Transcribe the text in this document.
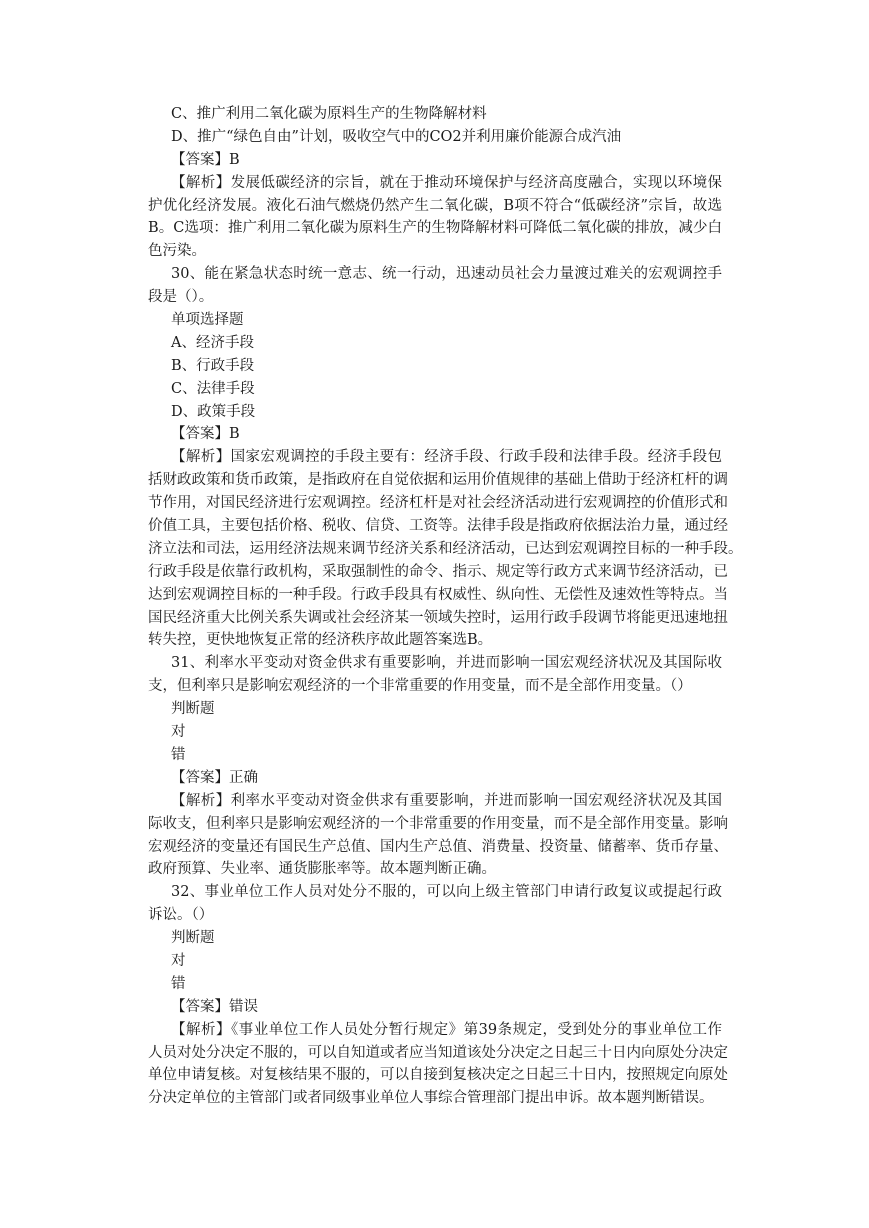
C、推广利用二氧化碳为原料生产的生物降解材料
D、推广“绿色自由”计划，吸收空气中的CO2并利用廉价能源合成汽油
【答案】B
【解析】发展低碳经济的宗旨，就在于推动环境保护与经济高度融合，实现以环境保
护优化经济发展。液化石油气燃烧仍然产生二氧化碳，B项不符合“低碳经济”宗旨，故选
B。C选项：推广利用二氧化碳为原料生产的生物降解材料可降低二氧化碳的排放，减少白
色污染。
30、能在紧急状态时统一意志、统一行动，迅速动员社会力量渡过难关的宏观调控手
段是（）。
单项选择题
A、经济手段
B、行政手段
C、法律手段
D、政策手段
【答案】B
【解析】国家宏观调控的手段主要有：经济手段、行政手段和法律手段。经济手段包
括财政政策和货币政策，是指政府在自觉依据和运用价值规律的基础上借助于经济杠杆的调
节作用，对国民经济进行宏观调控。经济杠杆是对社会经济活动进行宏观调控的价值形式和
价值工具，主要包括价格、税收、信贷、工资等。法律手段是指政府依据法治力量，通过经
济立法和司法，运用经济法规来调节经济关系和经济活动，已达到宏观调控目标的一种手段。
行政手段是依靠行政机构，采取强制性的命令、指示、规定等行政方式来调节经济活动，已
达到宏观调控目标的一种手段。行政手段具有权威性、纵向性、无偿性及速效性等特点。当
国民经济重大比例关系失调或社会经济某一领域失控时，运用行政手段调节将能更迅速地扭
转失控，更快地恢复正常的经济秩序故此题答案选B。
31、利率水平变动对资金供求有重要影响，并进而影响一国宏观经济状况及其国际收
支，但利率只是影响宏观经济的一个非常重要的作用变量，而不是全部作用变量。（）
判断题
对
错
【答案】正确
【解析】利率水平变动对资金供求有重要影响，并进而影响一国宏观经济状况及其国
际收支，但利率只是影响宏观经济的一个非常重要的作用变量，而不是全部作用变量。影响
宏观经济的变量还有国民生产总值、国内生产总值、消费量、投资量、储蓄率、货币存量、
政府预算、失业率、通货膨胀率等。故本题判断正确。
32、事业单位工作人员对处分不服的，可以向上级主管部门申请行政复议或提起行政
诉讼。（）
判断题
对
错
【答案】错误
【解析】《事业单位工作人员处分暂行规定》第39条规定，受到处分的事业单位工作
人员对处分决定不服的，可以自知道或者应当知道该处分决定之日起三十日内向原处分决定
单位申请复核。对复核结果不服的，可以自接到复核决定之日起三十日内，按照规定向原处
分决定单位的主管部门或者同级事业单位人事综合管理部门提出申诉。故本题判断错误。
